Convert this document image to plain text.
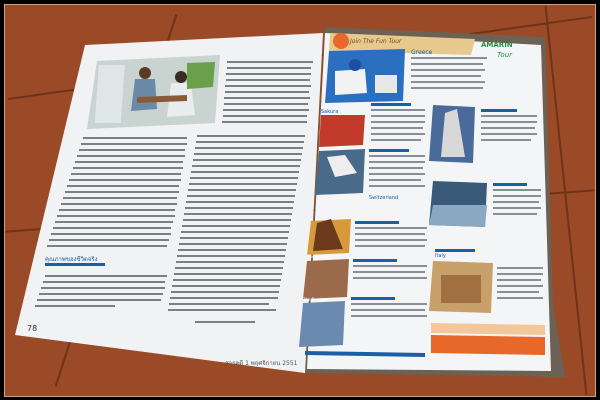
78
สารคดี 1 พฤศจิกายน 2551
คุณภาพของชีวิตจริง
Join The Fun Tour	AMARIN
Tour
Greece
Sakura
Switzerland
The Russian
The Russian
Italy
